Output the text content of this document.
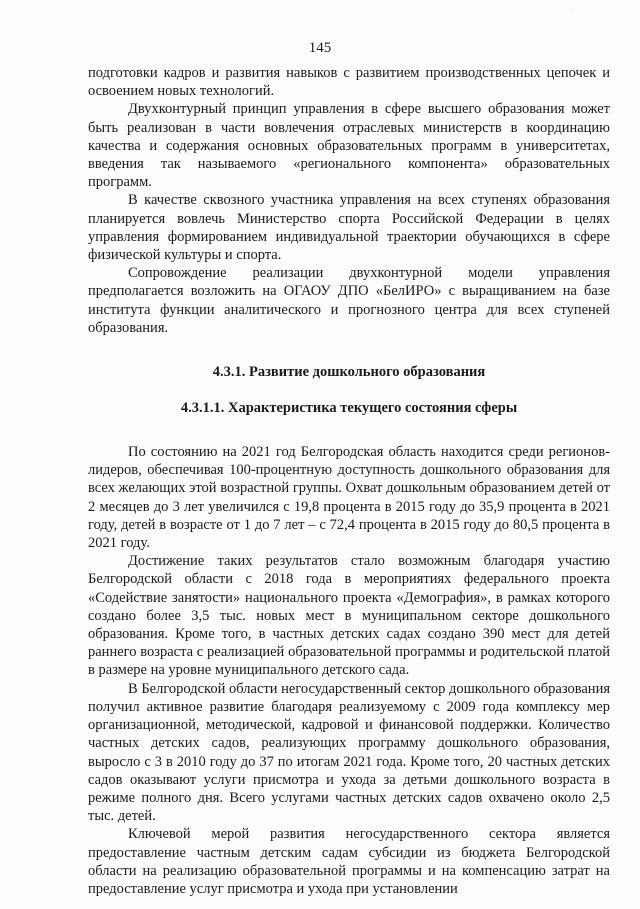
˙
145

подготовки кадров и развития навыков с развитием производственных цепочек и освоением новых технологий.

Двухконтурный принцип управления в сфере высшего образования может быть реализован в части вовлечения отраслевых министерств в координацию качества и содержания основных образовательных программ в университетах, введения так называемого «регионального компонента» образовательных программ.

В качестве сквозного участника управления на всех ступенях образования планируется вовлечь Министерство спорта Российской Федерации в целях управления формированием индивидуальной траектории обучающихся в сфере физической культуры и спорта.

Сопровождение реализации двухконтурной модели управления предполагается возложить на ОГАОУ ДПО «БелИРО» с выращиванием на базе института функции аналитического и прогнозного центра для всех ступеней образования.

4.3.1. Развитие дошкольного образования
4.3.1.1. Характеристика текущего состояния сферы

По состоянию на 2021 год Белгородская область находится среди регионов-лидеров, обеспечивая 100-процентную доступность дошкольного образования для всех желающих этой возрастной группы. Охват дошкольным образованием детей от 2 месяцев до 3 лет увеличился с 19,8 процента в 2015 году до 35,9 процента в 2021 году, детей в возрасте от 1 до 7 лет – с 72,4 процента в 2015 году до 80,5 процента в 2021 году.

Достижение таких результатов стало возможным благодаря участию Белгородской области с 2018 года в мероприятиях федерального проекта «Содействие занятости» национального проекта «Демография», в рамках которого создано более 3,5 тыс. новых мест в муниципальном секторе дошкольного образования. Кроме того, в частных детских садах создано 390 мест для детей раннего возраста с реализацией образовательной программы и родительской платой в размере на уровне муниципального детского сада.

В Белгородской области негосударственный сектор дошкольного образования получил активное развитие благодаря реализуемому с 2009 года комплексу мер организационной, методической, кадровой и финансовой поддержки. Количество частных детских садов, реализующих программу дошкольного образования, выросло с 3 в 2010 году до 37 по итогам 2021 года. Кроме того, 20 частных детских садов оказывают услуги присмотра и ухода за детьми дошкольного возраста в режиме полного дня. Всего услугами частных детских садов охвачено около 2,5 тыс. детей.

Ключевой мерой развития негосударственного сектора является предоставление частным детским садам субсидии из бюджета Белгородской области на реализацию образовательной программы и на компенсацию затрат на предоставление услуг присмотра и ухода при установлении
